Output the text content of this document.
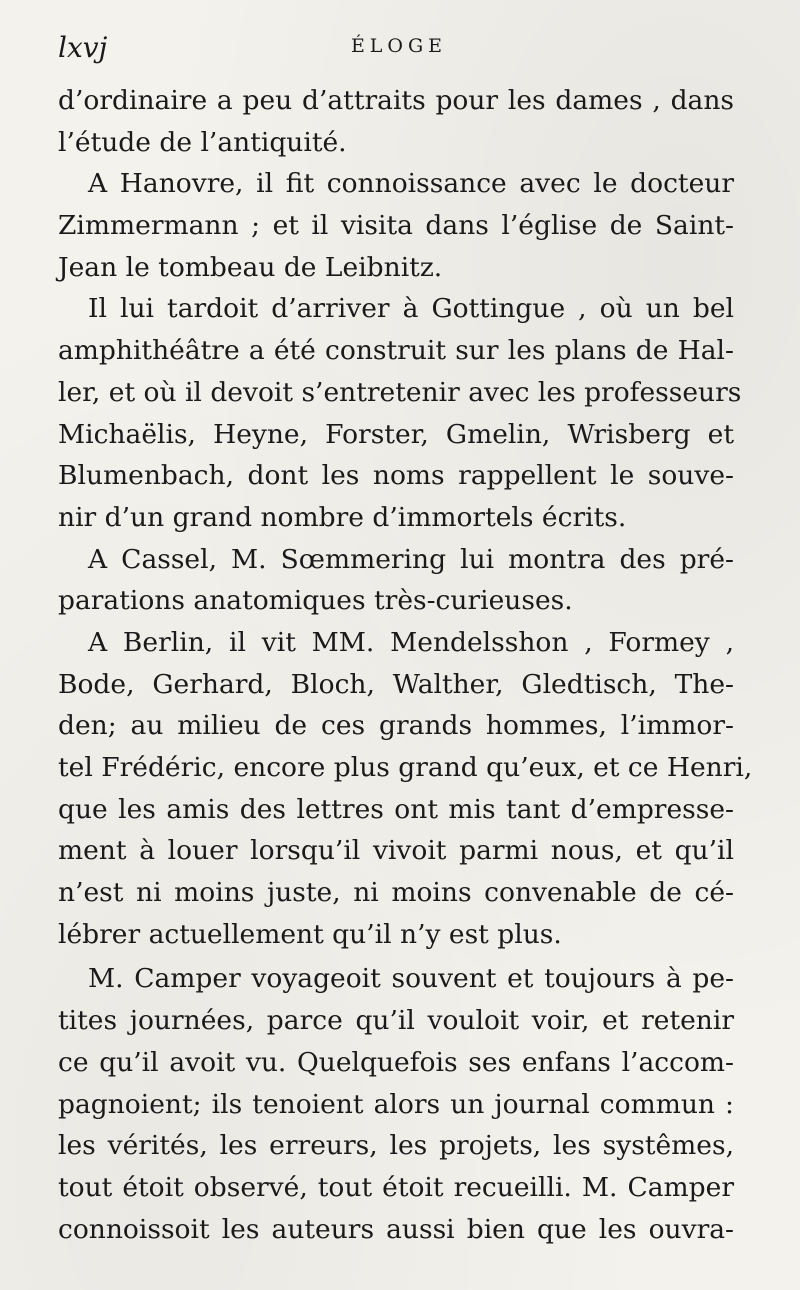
lxvj	ÉLOGE
d’ordinaire a peu d’attraits pour les dames , dans
l’étude de l’antiquité.
A Hanovre, il fit connoissance avec le docteur
Zimmermann ; et il visita dans l’église de Saint-
Jean le tombeau de Leibnitz.
Il lui tardoit d’arriver à Gottingue , où un bel
amphithéâtre a été construit sur les plans de Hal-
ler, et où il devoit s’entretenir avec les professeurs
Michaëlis, Heyne, Forster, Gmelin, Wrisberg et
Blumenbach, dont les noms rappellent le souve-
nir d’un grand nombre d’immortels écrits.
A Cassel, M. Sœmmering lui montra des pré-
parations anatomiques très-curieuses.
A Berlin, il vit MM. Mendelsshon , Formey ,
Bode, Gerhard, Bloch, Walther, Gledtisch, The-
den; au milieu de ces grands hommes, l’immor-
tel Frédéric, encore plus grand qu’eux, et ce Henri,
que les amis des lettres ont mis tant d’empresse-
ment à louer lorsqu’il vivoit parmi nous, et qu’il
n’est ni moins juste, ni moins convenable de cé-
lébrer actuellement qu’il n’y est plus.
M. Camper voyageoit souvent et toujours à pe-
tites journées, parce qu’il vouloit voir, et retenir
ce qu’il avoit vu. Quelquefois ses enfans l’accom-
pagnoient; ils tenoient alors un journal commun :
les vérités, les erreurs, les projets, les systêmes,
tout étoit observé, tout étoit recueilli. M. Camper
connoissoit les auteurs aussi bien que les ouvra-
